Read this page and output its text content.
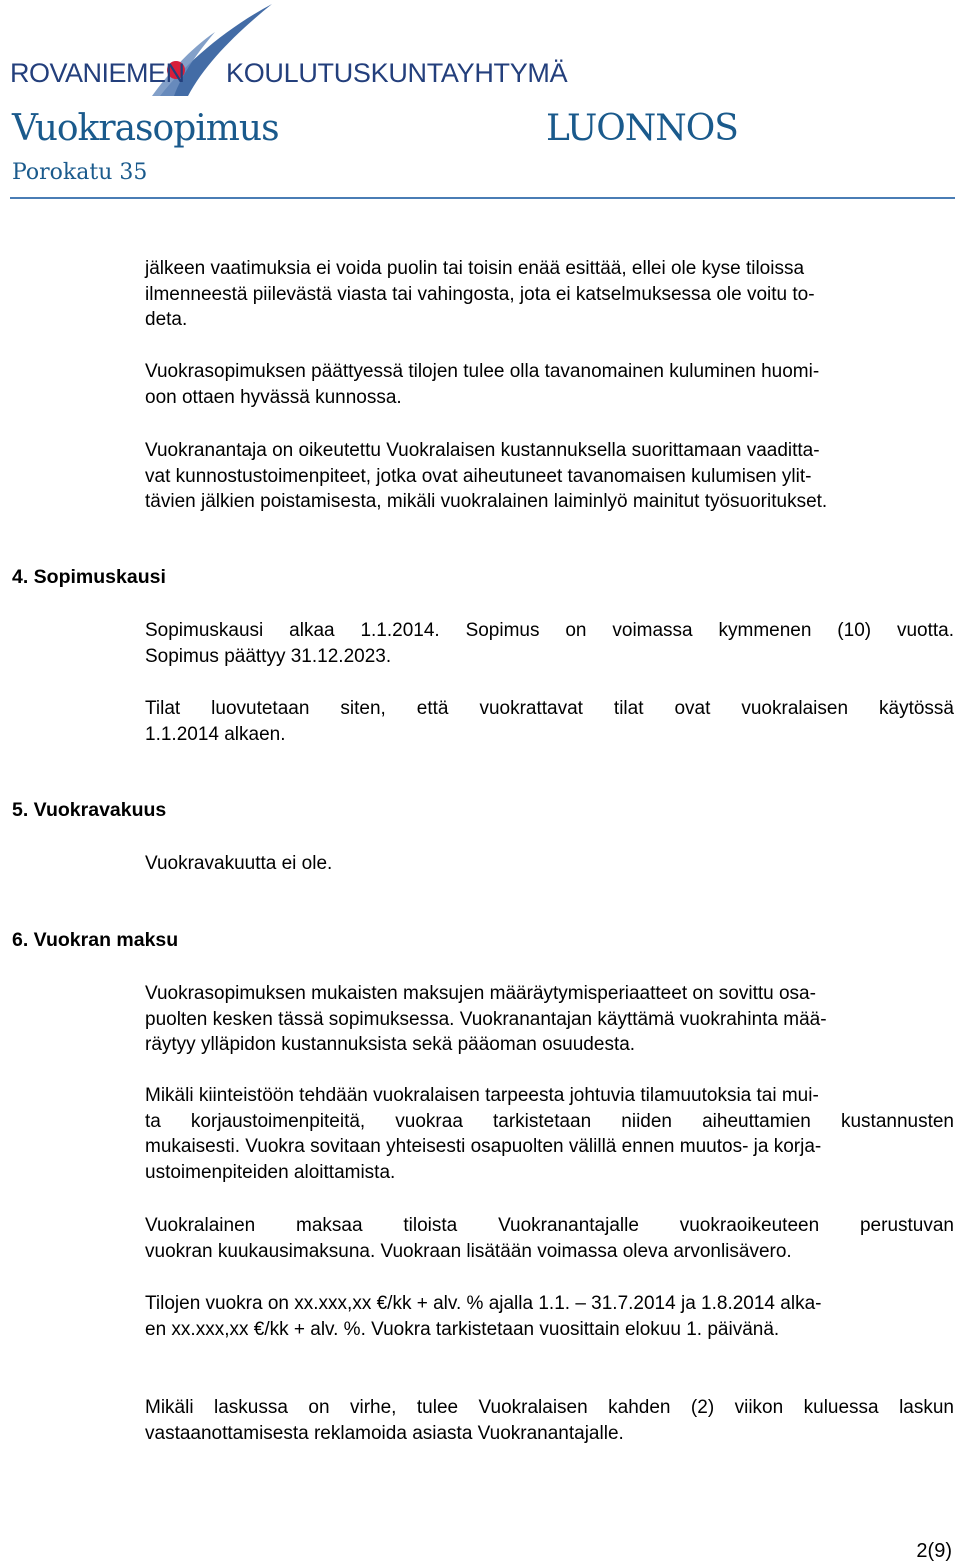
ROVANIEMEN KOULUTUSKUNTAYHTYMÄ
Vuokrasopimus	LUONNOS
Porokatu 35
jälkeen vaatimuksia ei voida puolin tai toisin enää esittää, ellei ole kyse tiloissa
ilmenneestä piilevästä viasta tai vahingosta, jota ei katselmuksessa ole voitu to-
deta.
Vuokrasopimuksen päättyessä tilojen tulee olla tavanomainen kuluminen huomi-
oon ottaen hyvässä kunnossa.
Vuokranantaja on oikeutettu Vuokralaisen kustannuksella suorittamaan vaaditta-
vat kunnostustoimenpiteet, jotka ovat aiheutuneet tavanomaisen kulumisen ylit-
tävien jälkien poistamisesta, mikäli vuokralainen laiminlyö mainitut työsuoritukset.
4. Sopimuskausi
Sopimuskausi alkaa 1.1.2014. Sopimus on voimassa kymmenen (10) vuotta.
Sopimus päättyy 31.12.2023.
Tilat luovutetaan siten, että vuokrattavat tilat ovat vuokralaisen käytössä
1.1.2014 alkaen.
5. Vuokravakuus
Vuokravakuutta ei ole.
6. Vuokran maksu
Vuokrasopimuksen mukaisten maksujen määräytymisperiaatteet on sovittu osa-
puolten kesken tässä sopimuksessa. Vuokranantajan käyttämä vuokrahinta mää-
räytyy ylläpidon kustannuksista sekä pääoman osuudesta.
Mikäli kiinteistöön tehdään vuokralaisen tarpeesta johtuvia tilamuutoksia tai mui-
ta korjaustoimenpiteitä, vuokraa tarkistetaan niiden aiheuttamien kustannusten
mukaisesti. Vuokra sovitaan yhteisesti osapuolten välillä ennen muutos- ja korja-
ustoimenpiteiden aloittamista.
Vuokralainen maksaa tiloista Vuokranantajalle vuokraoikeuteen perustuvan
vuokran kuukausimaksuna. Vuokraan lisätään voimassa oleva arvonlisävero.
Tilojen vuokra on xx.xxx,xx €/kk + alv. % ajalla 1.1. – 31.7.2014 ja 1.8.2014 alka-
en xx.xxx,xx €/kk + alv. %. Vuokra tarkistetaan vuosittain elokuu 1. päivänä.
Mikäli laskussa on virhe, tulee Vuokralaisen kahden (2) viikon kuluessa laskun
vastaanottamisesta reklamoida asiasta Vuokranantajalle.
2(9)
